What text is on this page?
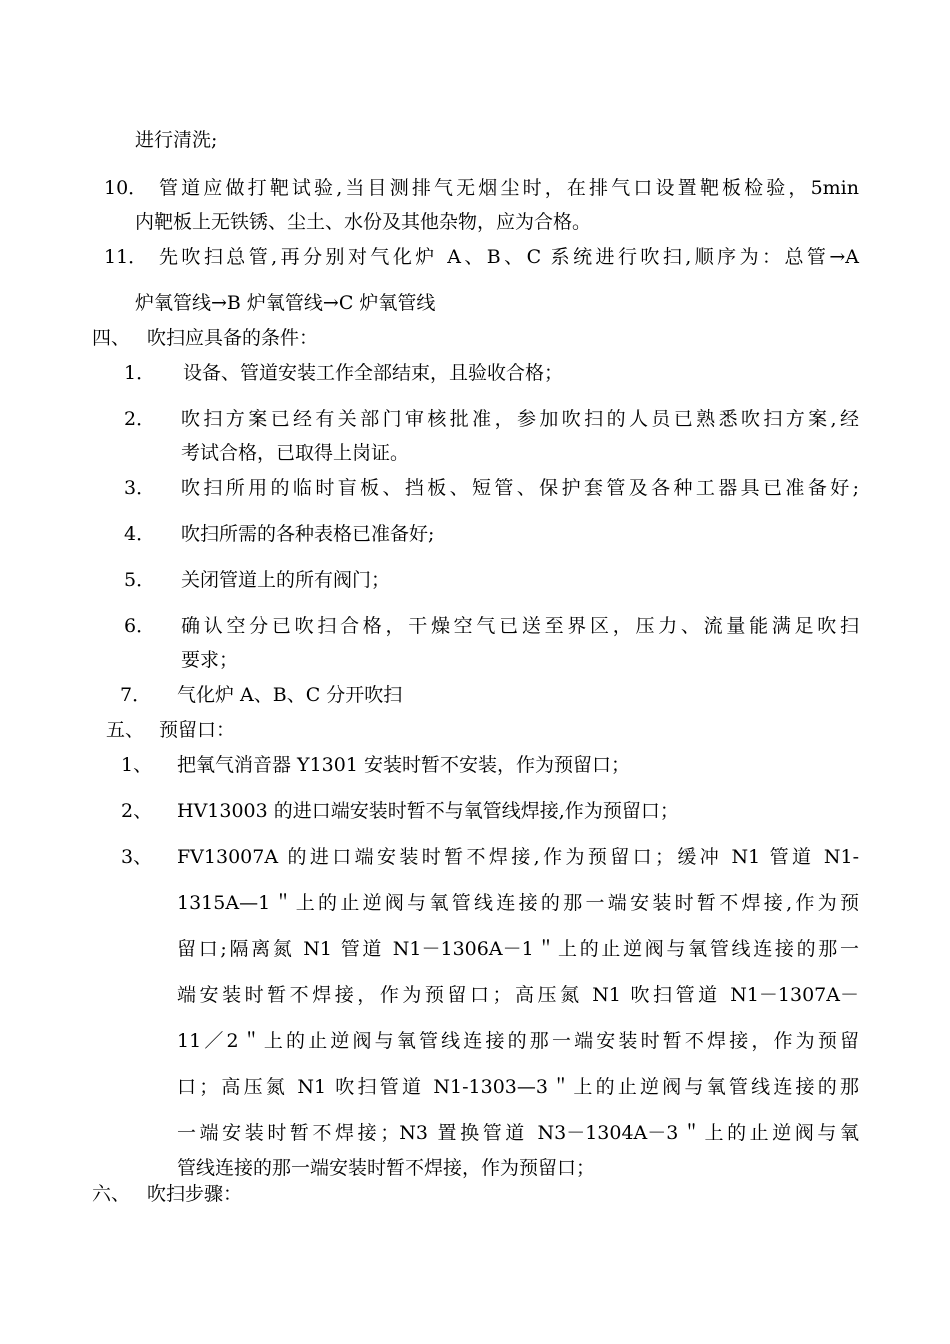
进行清洗;
10． 管道应做打靶试验,当目测排气无烟尘时，在排气口设置靶板检验，5min
内靶板上无铁锈、尘土、水份及其他杂物，应为合格。
11． 先吹扫总管,再分别对气化炉 A、B、C 系统进行吹扫,顺序为：总管→A
炉氧管线→B 炉氧管线→C 炉氧管线
四、 吹扫应具备的条件：
1． 设备、管道安装工作全部结束，且验收合格；
2． 吹扫方案已经有关部门审核批准，参加吹扫的人员已熟悉吹扫方案,经
考试合格，已取得上岗证。
3． 吹扫所用的临时盲板、挡板、短管、保护套管及各种工器具已准备好;
4． 吹扫所需的各种表格已准备好;
5． 关闭管道上的所有阀门；
6． 确认空分已吹扫合格，干燥空气已送至界区，压力、流量能满足吹扫
要求；
7． 气化炉 A、B、C 分开吹扫
五、 预留口：
1、 把氧气消音器 Y1301 安装时暂不安装，作为预留口；
2、 HV13003 的进口端安装时暂不与氧管线焊接,作为预留口；
3、 FV13007A 的进口端安装时暂不焊接,作为预留口；缓冲 N1 管道 N1-
1315A—1＂上的止逆阀与氧管线连接的那一端安装时暂不焊接,作为预
留口;隔离氮 N1 管道 N1－1306A－1＂上的止逆阀与氧管线连接的那一
端安装时暂不焊接，作为预留口；高压氮 N1 吹扫管道 N1－1307A－
11／2＂上的止逆阀与氧管线连接的那一端安装时暂不焊接，作为预留
口；高压氮 N1 吹扫管道 N1-1303—3＂上的止逆阀与氧管线连接的那
一端安装时暂不焊接；N3 置换管道 N3－1304A－3＂上的止逆阀与氧
管线连接的那一端安装时暂不焊接，作为预留口；
六、 吹扫步骤：
